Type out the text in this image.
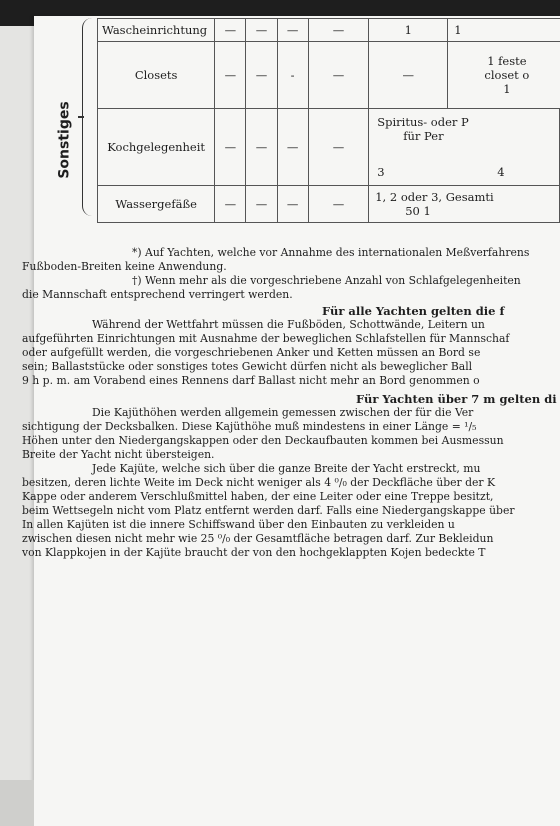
Sonstiges
Wascheinrichtung	—	—	—	—	1	1
Closets	—	—	-	—	—	1 feste
closet o
1

Kochgelegenheit	—	—	—	—	Spiritus- oder P
für Per
3 4	

Wassergefäße	—	—	—	—	1, 2 oder 3, Gesamti
50 1	

*) Auf Yachten, welche vor Annahme des internationalen Meßverfahrens

Fußboden-Breiten keine Anwendung.

†) Wenn mehr als die vorgeschriebene Anzahl von Schlafgelegenheiten

die Mannschaft entsprechend verringert werden.

Für alle Yachten gelten die f

Während der Wettfahrt müssen die Fußböden, Schottwände, Leitern un

aufgeführten Einrichtungen mit Ausnahme der beweglichen Schlafstellen für Mannschaf

oder aufgefüllt werden, die vorgeschriebenen Anker und Ketten müssen an Bord se

sein; Ballaststücke oder sonstiges totes Gewicht dürfen nicht als beweglicher Ball

9 h p. m. am Vorabend eines Rennens darf Ballast nicht mehr an Bord genommen o

Für Yachten über 7 m gelten di

Die Kajüthöhen werden allgemein gemessen zwischen der für die Ver

sichtigung der Decksbalken. Diese Kajüthöhe muß mindestens in einer Länge = ¹/₅

Höhen unter den Niedergangskappen oder den Deckaufbauten kommen bei Ausmessun

Breite der Yacht nicht übersteigen.

Jede Kajüte, welche sich über die ganze Breite der Yacht erstreckt, mu

besitzen, deren lichte Weite im Deck nicht weniger als 4 ⁰/₀ der Deckfläche über der K

Kappe oder anderem Verschlußmittel haben, der eine Leiter oder eine Treppe besitzt,

beim Wettsegeln nicht vom Platz entfernt werden darf. Falls eine Niedergangskappe über

In allen Kajüten ist die innere Schiffswand über den Einbauten zu verkleiden u

zwischen diesen nicht mehr wie 25 ⁰/₀ der Gesamtfläche betragen darf. Zur Bekleidun

von Klappkojen in der Kajüte braucht der von den hochgeklappten Kojen bedeckte T
